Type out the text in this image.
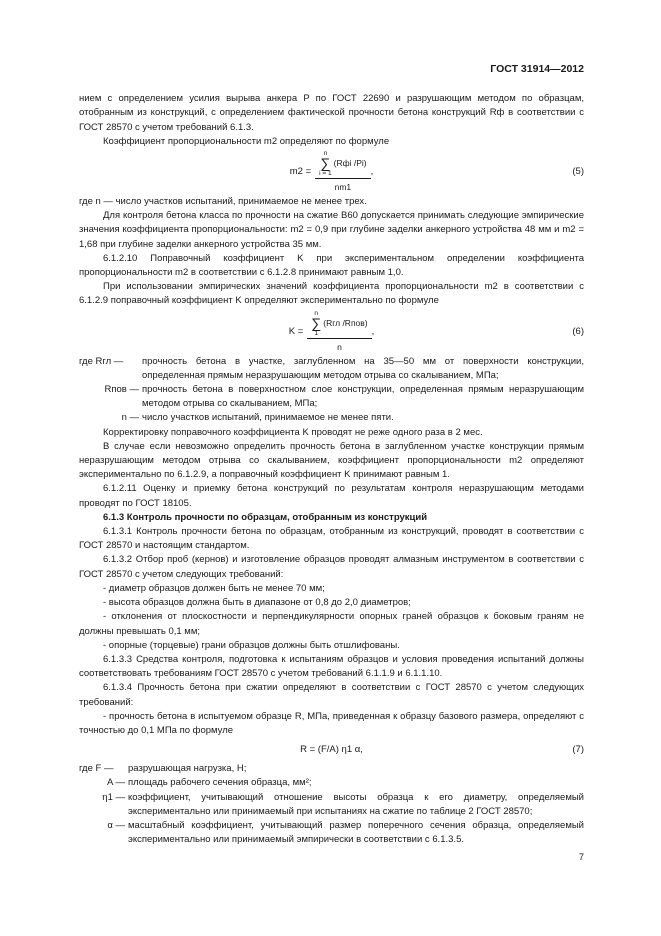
ГОСТ 31914—2012

нием с определением усилия вырыва анкера P по ГОСТ 22690 и разрушающим методом по образцам, отобранным из конструкций, с определением фактической прочности бетона конструкций Rф в соответствии с ГОСТ 28570 с учетом требований 6.1.3.

Коэффициент пропорциональности m2 определяют по формуле

m2 =
n
∑
i = 1
(Rфi /Pi)
nm1
,	(5)

где n — число участков испытаний, принимаемое не менее трех.

Для контроля бетона класса по прочности на сжатие B60 допускается принимать следующие эмпирические значения коэффициента пропорциональности: m2 = 0,9 при глубине заделки анкерного устройства 48 мм и m2 = 1,68 при глубине заделки анкерного устройства 35 мм.

6.1.2.10 Поправочный коэффициент K при экспериментальном определении коэффициента пропорциональности m2 в соответствии с 6.1.2.8 принимают равным 1,0.

При использовании эмпирических значений коэффициента пропорциональности m2 в соответствии с 6.1.2.9 поправочный коэффициент K определяют экспериментально по формуле

K =
n
∑
1
(Rгл /Rпов)
n
,	(6)
где Rгл —	прочность бетона в участке, заглубленном на 35—50 мм от поверхности конструкции, определенная прямым неразрушающим методом отрыва со скалыванием, МПа;
Rпов — прочность бетона в поверхностном слое конструкции, определенная прямым неразрушающим методом отрыва со скалыванием, МПа;
n — число участков испытаний, принимаемое не менее пяти.

Корректировку поправочного коэффициента K проводят не реже одного раза в 2 мес.

В случае если невозможно определить прочность бетона в заглубленном участке конструкции прямым неразрушающим методом отрыва со скалыванием, коэффициент пропорциональности m2 определяют экспериментально по 6.1.2.9, а поправочный коэффициент K принимают равным 1.

6.1.2.11 Оценку и приемку бетона конструкций по результатам контроля неразрушающим методами проводят по ГОСТ 18105.

6.1.3 Контроль прочности по образцам, отобранным из конструкций

6.1.3.1 Контроль прочности бетона по образцам, отобранным из конструкций, проводят в соответствии с ГОСТ 28570 и настоящим стандартом.

6.1.3.2 Отбор проб (кернов) и изготовление образцов проводят алмазным инструментом в соответствии с ГОСТ 28570 с учетом следующих требований:

- диаметр образцов должен быть не менее 70 мм;

- высота образцов должна быть в диапазоне от 0,8 до 2,0 диаметров;

- отклонения от плоскостности и перпендикулярности опорных граней образцов к боковым граням не должны превышать 0,1 мм;

- опорные (торцевые) грани образцов должны быть отшлифованы.

6.1.3.3 Средства контроля, подготовка к испытаниям образцов и условия проведения испытаний должны соответствовать требованиям ГОСТ 28570 с учетом требований 6.1.1.9 и 6.1.1.10.

6.1.3.4 Прочность бетона при сжатии определяют в соответствии с ГОСТ 28570 с учетом следующих требований:

- прочность бетона в испытуемом образце R, МПа, приведенная к образцу базового размера, определяют с точностью до 0,1 МПа по формуле

R = (F/A) η1 α,	(7)
где F —	разрушающая нагрузка, Н;
A — площадь рабочего сечения образца, мм²;
η1 — коэффициент, учитывающий отношение высоты образца к его диаметру, определяемый экспериментально или принимаемый при испытаниях на сжатие по таблице 2 ГОСТ 28570;
α — масштабный коэффициент, учитывающий размер поперечного сечения образца, определяемый экспериментально или принимаемый эмпирически в соответствии с 6.1.3.5.
7
